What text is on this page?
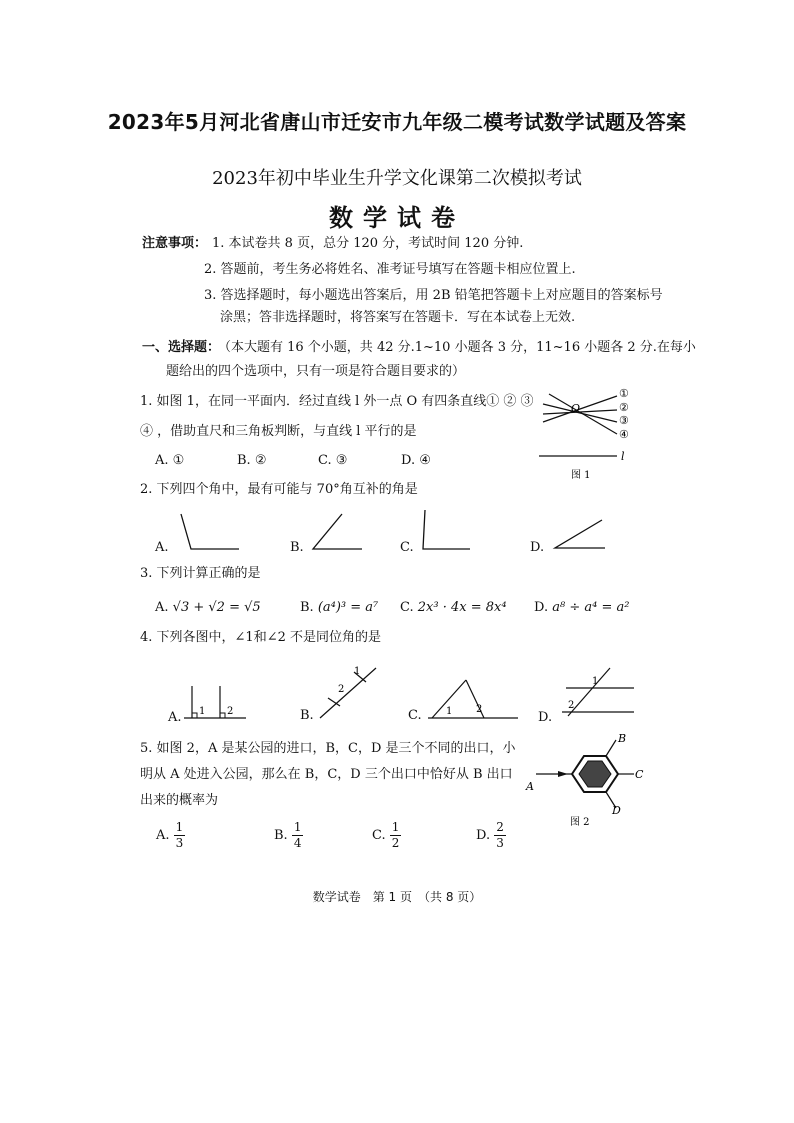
2023年5月河北省唐山市迁安市九年级二模考试数学试题及答案
2023年初中毕业生升学文化课第二次模拟考试
数学试卷
注意事项： 1. 本试卷共 8 页，总分 120 分，考试时间 120 分钟.
2. 答题前，考生务必将姓名、准考证号填写在答题卡相应位置上.
3. 答选择题时，每小题选出答案后，用 2B 铅笔把答题卡上对应题目的答案标号
涂黑；答非选择题时，将答案写在答题卡．写在本试卷上无效.
一、选择题：
（本大题有 16 个小题，共 42 分.1~10 小题各 3 分，11~16 小题各 2 分.在每小
题给出的四个选项中，只有一项是符合题目要求的）
1. 如图 1，在同一平面内．经过直线 l 外一点 O 有四条直线① ② ③
④ ，借助直尺和三角板判断，与直线 l 平行的是
A. ①	B. ②	C. ③	D. ④
O
l
①
②
③
④
图 1
2. 下列四个角中，最有可能与 70°角互补的角是
A.	B.	C.	D.
3. 下列计算正确的是
A. √3 + √2 = √5	B. (a⁴)³ = a⁷ C. 2x³ · 4x = 8x⁴ D. a⁸ ÷ a⁴ = a²
4. 下列各图中，∠1和∠2 不是同位角的是
A.	B.	C.	D.
1 2
2
1
1 2
1
2
5. 如图 2，A 是某公园的进口，B，C，D 是三个不同的出口，小
明从 A 处进入公园，那么在 B，C，D 三个出口中恰好从 B 出口
出来的概率为
A. $\frac{1}{3}$	B. $\frac{1}{4}$	C. $\frac{1}{2}$	D. $\frac{2}{3}$
A
B
C
D
图 2
数学试卷　第 1 页　（共 8 页）
